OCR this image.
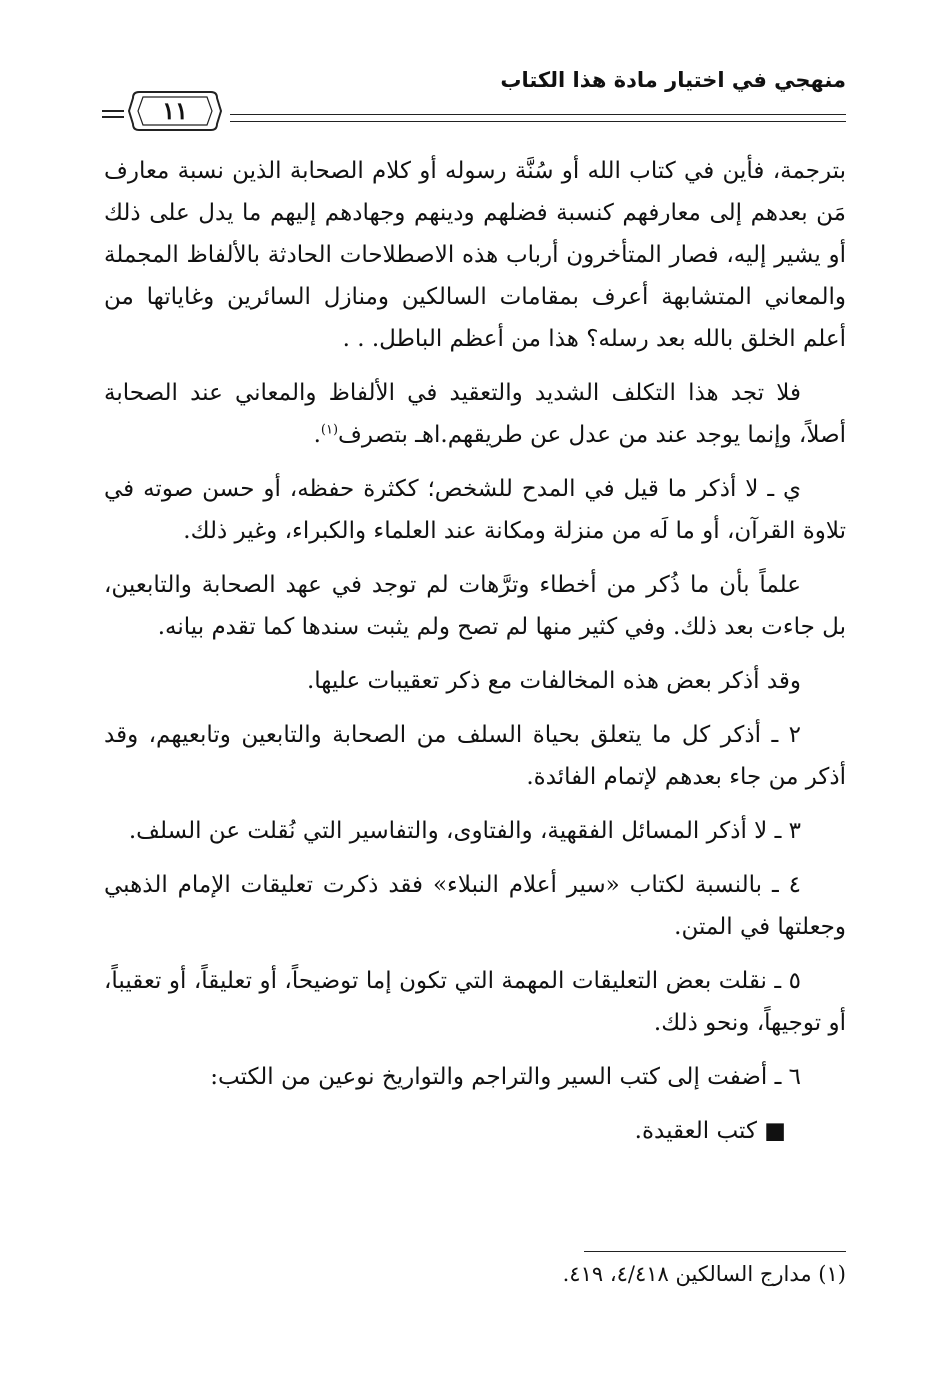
منهجي في اختيار مادة هذا الكتاب
١١

بترجمة، فأين في كتاب الله أو سُنَّة رسوله أو كلام الصحابة الذين نسبة معارف مَن بعدهم إلى معارفهم كنسبة فضلهم ودينهم وجهادهم إليهم ما يدل على ذلك أو يشير إليه، فصار المتأخرون أرباب هذه الاصطلاحات الحادثة بالألفاظ المجملة والمعاني المتشابهة أعرف بمقامات السالكين ومنازل السائرين وغاياتها من أعلم الخلق بالله بعد رسله؟ هذا من أعظم الباطل. . .

فلا تجد هذا التكلف الشديد والتعقيد في الألفاظ والمعاني عند الصحابة أصلاً، وإنما يوجد عند من عدل عن طريقهم.اهـ بتصرف$^{(١)}$.

ي ـ لا أذكر ما قيل في المدح للشخص؛ ككثرة حفظه، أو حسن صوته في تلاوة القرآن، أو ما لَه من منزلة ومكانة عند العلماء والكبراء، وغير ذلك.

علماً بأن ما ذُكر من أخطاء وترَّهات لم توجد في عهد الصحابة والتابعين، بل جاءت بعد ذلك. وفي كثير منها لم تصح ولم يثبت سندها كما تقدم بيانه.

وقد أذكر بعض هذه المخالفات مع ذكر تعقيبات عليها.

٢ ـ أذكر كل ما يتعلق بحياة السلف من الصحابة والتابعين وتابعيهم، وقد أذكر من جاء بعدهم لإتمام الفائدة.

٣ ـ لا أذكر المسائل الفقهية، والفتاوى، والتفاسير التي نُقلت عن السلف.

٤ ـ بالنسبة لكتاب «سير أعلام النبلاء» فقد ذكرت تعليقات الإمام الذهبي وجعلتها في المتن.

٥ ـ نقلت بعض التعليقات المهمة التي تكون إما توضيحاً، أو تعليقاً، أو تعقيباً، أو توجيهاً، ونحو ذلك.

٦ ـ أضفت إلى كتب السير والتراجم والتواريخ نوعين من الكتب:

■ كتب العقيدة.

(١) مدارج السالكين ٤/٤١٨، ٤١٩.
